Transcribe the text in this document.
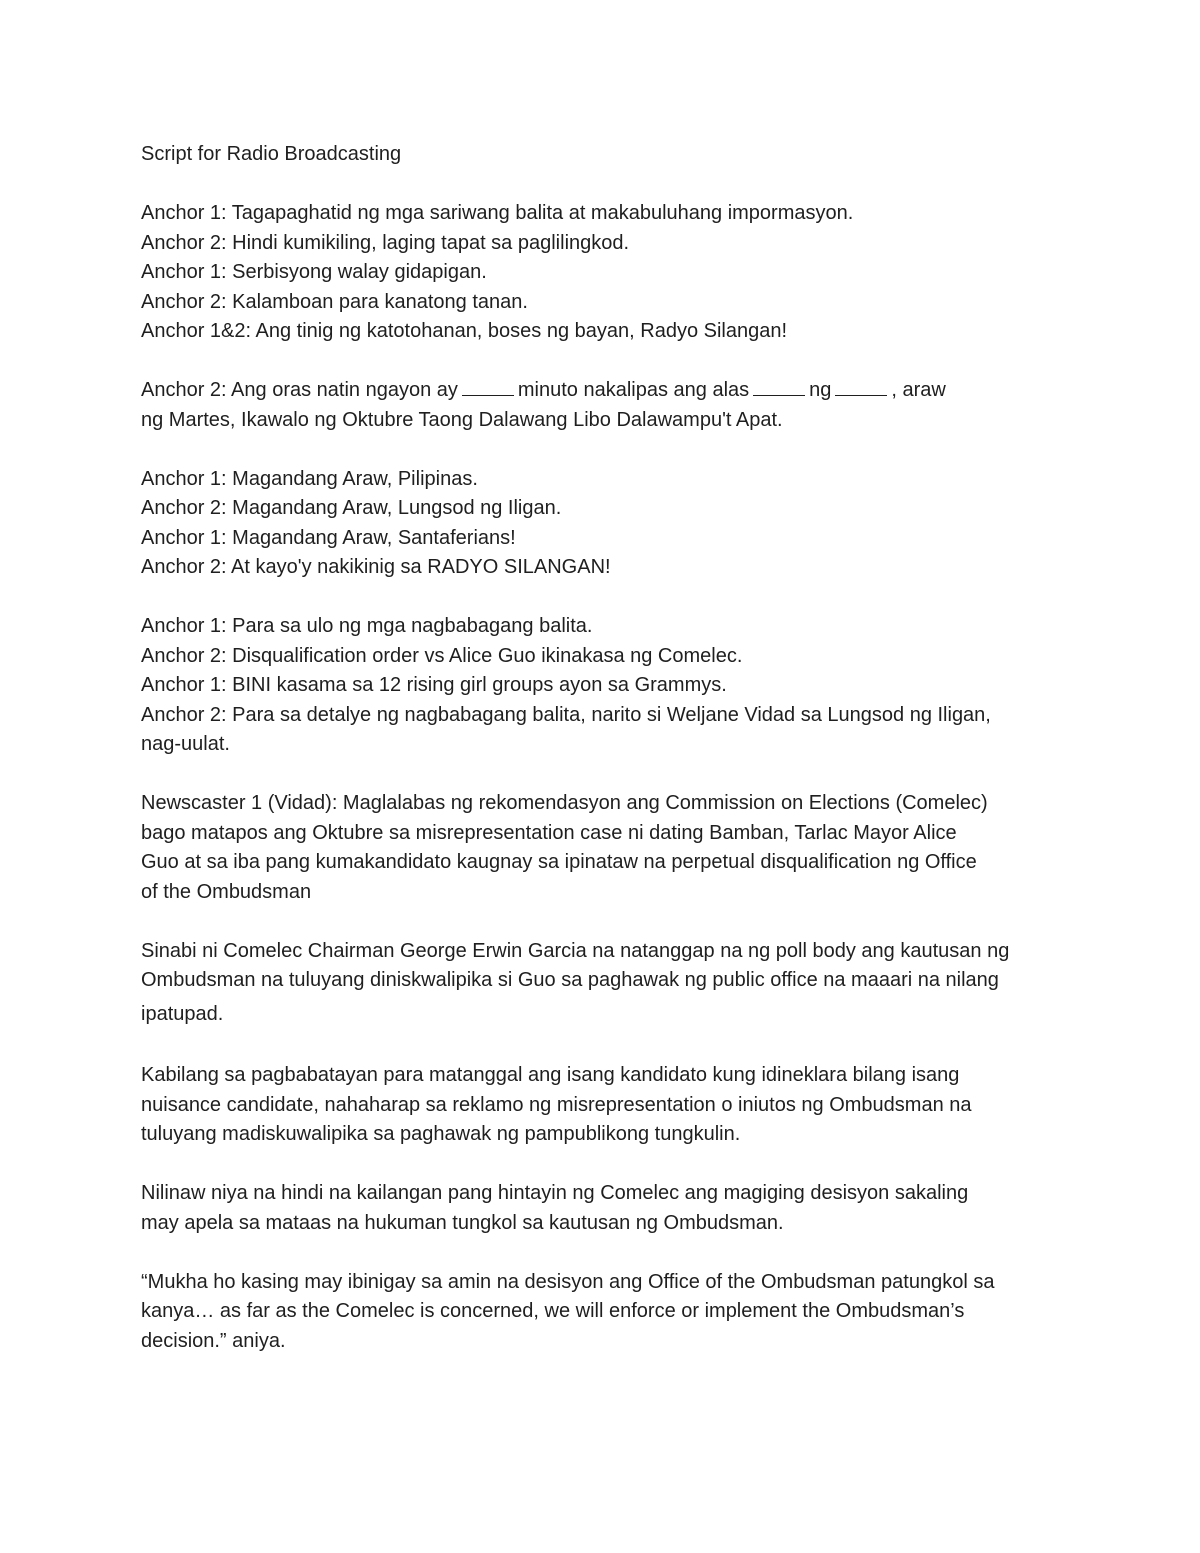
Script for Radio Broadcasting
Anchor 1: Tagapaghatid ng mga sariwang balita at makabuluhang impormasyon.
Anchor 2: Hindi kumikiling, laging tapat sa paglilingkod.
Anchor 1: Serbisyong walay gidapigan.
Anchor 2: Kalamboan para kanatong tanan.
Anchor 1&2: Ang tinig ng katotohanan, boses ng bayan, Radyo Silangan!
Anchor 2: Ang oras natin ngayon ay	minuto nakalipas ang alas	ng	, araw
ng Martes, Ikawalo ng Oktubre Taong Dalawang Libo Dalawampu't Apat.
Anchor 1: Magandang Araw, Pilipinas.
Anchor 2: Magandang Araw, Lungsod ng Iligan.
Anchor 1: Magandang Araw, Santaferians!
Anchor 2: At kayo'y nakikinig sa RADYO SILANGAN!
Anchor 1: Para sa ulo ng mga nagbabagang balita.
Anchor 2: Disqualification order vs Alice Guo ikinakasa ng Comelec.
Anchor 1: BINI kasama sa 12 rising girl groups ayon sa Grammys.
Anchor 2: Para sa detalye ng nagbabagang balita, narito si Weljane Vidad sa Lungsod ng Iligan,
nag-uulat.
Newscaster 1 (Vidad): Maglalabas ng rekomendasyon ang Commission on Elections (Comelec)
bago matapos ang Oktubre sa misrepresentation case ni dating Bamban, Tarlac Mayor Alice
Guo at sa iba pang kumakandidato kaugnay sa ipinataw na perpetual disqualification ng Office
of the Ombudsman
Sinabi ni Comelec Chairman George Erwin Garcia na natanggap na ng poll body ang kautusan ng
Ombudsman na tuluyang diniskwalipika si Guo sa paghawak ng public office na maaari na nilang
ipatupad.
Kabilang sa pagbabatayan para matanggal ang isang kandidato kung idineklara bilang isang
nuisance candidate, nahaharap sa reklamo ng misrepresentation o iniutos ng Ombudsman na
tuluyang madiskuwalipika sa paghawak ng pampublikong tungkulin.
Nilinaw niya na hindi na kailangan pang hintayin ng Comelec ang magiging desisyon sakaling
may apela sa mataas na hukuman tungkol sa kautusan ng Ombudsman.
“Mukha ho kasing may ibinigay sa amin na desisyon ang Office of the Ombudsman patungkol sa
kanya… as far as the Comelec is concerned, we will enforce or implement the Ombudsman’s
decision.” aniya.
